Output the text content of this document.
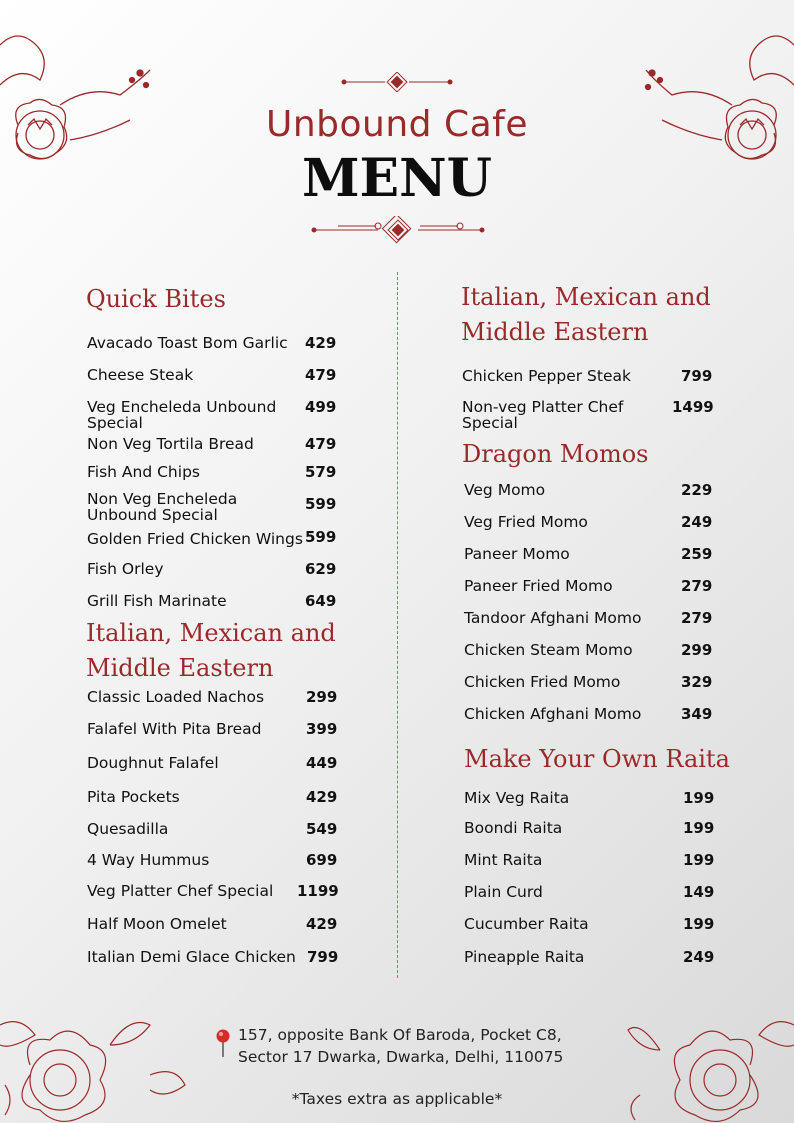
Unbound Cafe
MENU
Quick Bites
Avacado Toast Bom Garlic 429
Cheese Steak	479
Veg Encheleda Unbound Special
499
Non Veg Tortila Bread	479
Fish And Chips	579
Non Veg Encheleda Unbound Special
599
Golden Fried Chicken Wings 599
Fish Orley	629
Grill Fish Marinate	649
Italian, Mexican and
Middle Eastern
Classic Loaded Nachos	299
Falafel With Pita Bread	399
Doughnut Falafel	449
Pita Pockets	429
Quesadilla	549
4 Way Hummus	699
Veg Platter Chef Special 1199
Half Moon Omelet	429
Italian Demi Glace Chicken 799
Italian, Mexican and
Middle Eastern
Chicken Pepper Steak	799
Non-veg Platter Chef Special
1499
Dragon Momos
Veg Momo	229
Veg Fried Momo	249
Paneer Momo	259
Paneer Fried Momo	279
Tandoor Afghani Momo	279
Chicken Steam Momo	299
Chicken Fried Momo	329
Chicken Afghani Momo	349
Make Your Own Raita
Mix Veg Raita	199
Boondi Raita	199
Mint Raita	199
Plain Curd	149
Cucumber Raita	199
Pineapple Raita	249
157, opposite Bank Of Baroda, Pocket C8,
Sector 17 Dwarka, Dwarka, Delhi, 110075
*Taxes extra as applicable*
